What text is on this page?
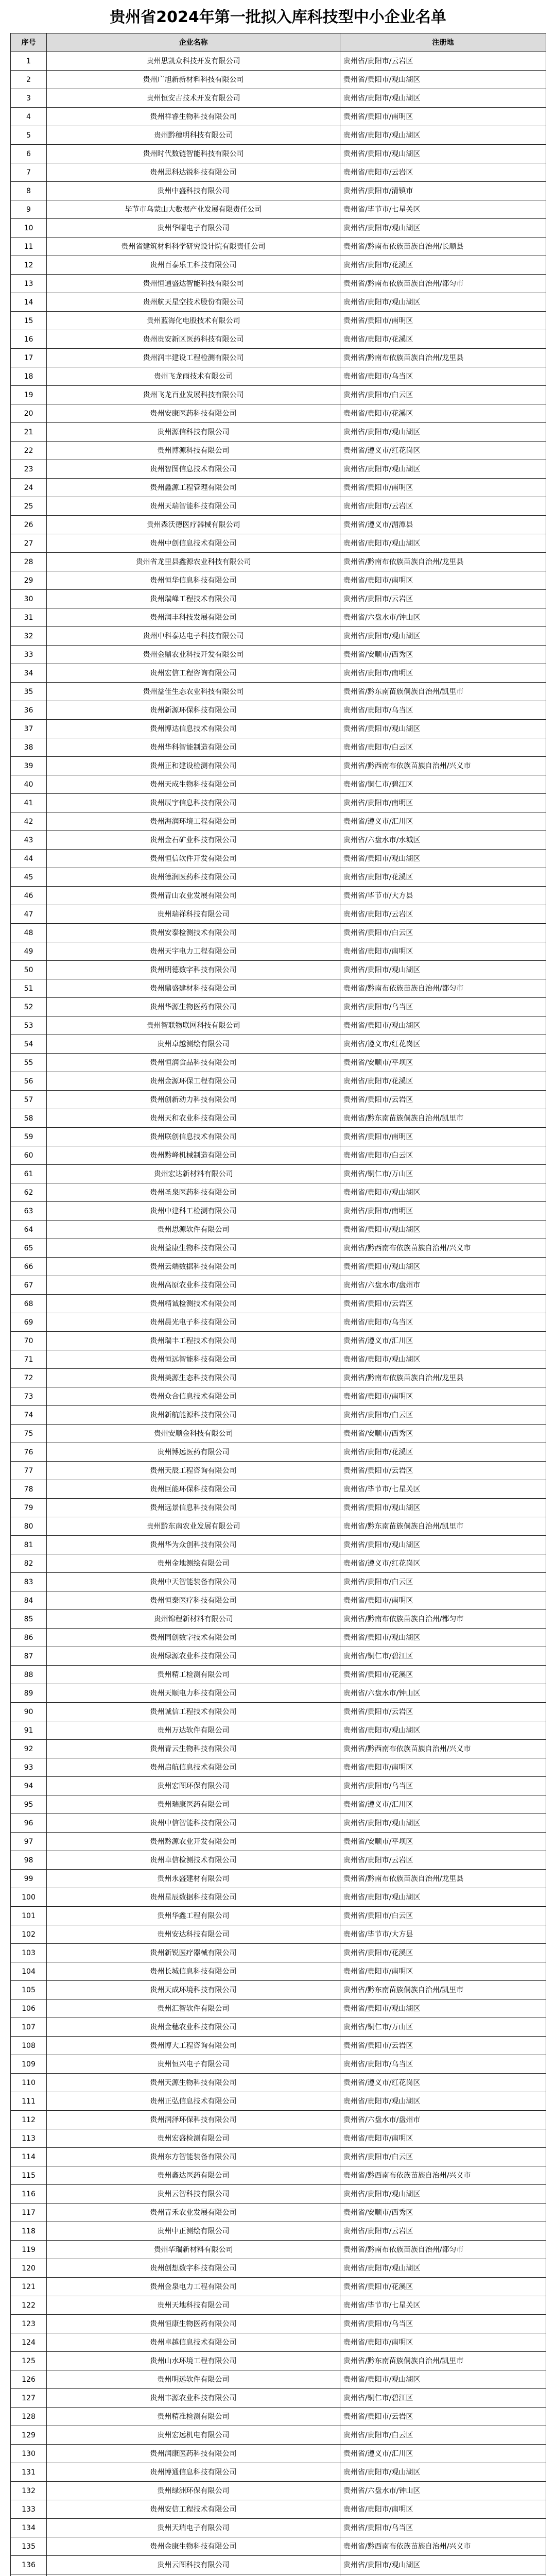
贵州省2024年第一批拟入库科技型中小企业名单
序号	企业名称	注册地
1	贵州思凯众科技开发有限公司	贵州省/贵阳市/云岩区
2	贵州广旭新新材料科技有限公司	贵州省/贵阳市/观山湖区
3	贵州恒安古技术开发有限公司	贵州省/贵阳市/观山湖区
4	贵州祥睿生物科技有限公司	贵州省/贵阳市/南明区
5	贵州黔穗明科技有限公司	贵州省/贵阳市/观山湖区
6	贵州时代数链智能科技有限公司	贵州省/贵阳市/观山湖区
7	贵州思科达锐科技有限公司	贵州省/贵阳市/云岩区
8	贵州中盛科技有限公司	贵州省/贵阳市/清镇市
9	毕节市乌蒙山大数据产业发展有限责任公司	贵州省/毕节市/七星关区
10	贵州华曜电子有限公司	贵州省/贵阳市/观山湖区
11	贵州省建筑材料科学研究设计院有限责任公司	贵州省/黔南布依族苗族自治州/长顺县
12	贵州百泰乐工科技有限公司	贵州省/贵阳市/花溪区
13	贵州恒通盛达智能科技有限公司	贵州省/黔南布依族苗族自治州/都匀市
14	贵州航天星空技术股份有限公司	贵州省/贵阳市/观山湖区
15	贵州蓝海化电股技术有限公司	贵州省/贵阳市/南明区
16	贵州贵安新区医药科技有限公司	贵州省/贵阳市/花溪区
17	贵州润丰建设工程检测有限公司	贵州省/黔南布依族苗族自治州/龙里县
18	贵州飞龙雨技术有限公司	贵州省/贵阳市/乌当区
19	贵州飞龙百业发展科技有限公司	贵州省/贵阳市/白云区
20	贵州安康医药科技有限公司	贵州省/贵阳市/花溪区
21	贵州源信科技有限公司	贵州省/贵阳市/观山湖区
22	贵州博源科技有限公司	贵州省/遵义市/红花岗区
23	贵州智图信息技术有限公司	贵州省/贵阳市/观山湖区
24	贵州鑫源工程管理有限公司	贵州省/贵阳市/南明区
25	贵州天瑞智能科技有限公司	贵州省/贵阳市/云岩区
26	贵州森沃德医疗器械有限公司	贵州省/遵义市/湄潭县
27	贵州中创信息技术有限公司	贵州省/贵阳市/观山湖区
28	贵州省龙里县鑫源农业科技有限公司	贵州省/黔南布依族苗族自治州/龙里县
29	贵州恒华信息科技有限公司	贵州省/贵阳市/南明区
30	贵州瑞峰工程技术有限公司	贵州省/贵阳市/云岩区
31	贵州润丰科技发展有限公司	贵州省/六盘水市/钟山区
32	贵州中科泰达电子科技有限公司	贵州省/贵阳市/观山湖区
33	贵州金鼎农业科技开发有限公司	贵州省/安顺市/西秀区
34	贵州宏信工程咨询有限公司	贵州省/贵阳市/南明区
35	贵州益佳生态农业科技有限公司	贵州省/黔东南苗族侗族自治州/凯里市
36	贵州新源环保科技有限公司	贵州省/贵阳市/乌当区
37	贵州博达信息技术有限公司	贵州省/贵阳市/观山湖区
38	贵州华科智能制造有限公司	贵州省/贵阳市/白云区
39	贵州正和建设检测有限公司	贵州省/黔西南布依族苗族自治州/兴义市
40	贵州天成生物科技有限公司	贵州省/铜仁市/碧江区
41	贵州辰宇信息科技有限公司	贵州省/贵阳市/南明区
42	贵州海润环境工程有限公司	贵州省/遵义市/汇川区
43	贵州金石矿业科技有限公司	贵州省/六盘水市/水城区
44	贵州恒信软件开发有限公司	贵州省/贵阳市/观山湖区
45	贵州德润医药科技有限公司	贵州省/贵阳市/花溪区
46	贵州青山农业发展有限公司	贵州省/毕节市/大方县
47	贵州瑞祥科技有限公司	贵州省/贵阳市/云岩区
48	贵州安泰检测技术有限公司	贵州省/贵阳市/白云区
49	贵州天宇电力工程有限公司	贵州省/贵阳市/南明区
50	贵州明德数字科技有限公司	贵州省/贵阳市/观山湖区
51	贵州鼎盛建材科技有限公司	贵州省/黔南布依族苗族自治州/都匀市
52	贵州华源生物医药有限公司	贵州省/贵阳市/乌当区
53	贵州智联物联网科技有限公司	贵州省/贵阳市/观山湖区
54	贵州卓越测绘有限公司	贵州省/遵义市/红花岗区
55	贵州恒润食品科技有限公司	贵州省/安顺市/平坝区
56	贵州金源环保工程有限公司	贵州省/贵阳市/花溪区
57	贵州创新动力科技有限公司	贵州省/贵阳市/云岩区
58	贵州天和农业科技有限公司	贵州省/黔东南苗族侗族自治州/凯里市
59	贵州联创信息技术有限公司	贵州省/贵阳市/南明区
60	贵州黔峰机械制造有限公司	贵州省/贵阳市/白云区
61	贵州宏达新材料有限公司	贵州省/铜仁市/万山区
62	贵州圣泉医药科技有限公司	贵州省/贵阳市/观山湖区
63	贵州中建科工检测有限公司	贵州省/贵阳市/南明区
64	贵州思源软件有限公司	贵州省/贵阳市/观山湖区
65	贵州益康生物科技有限公司	贵州省/黔西南布依族苗族自治州/兴义市
66	贵州云端数据科技有限公司	贵州省/贵阳市/观山湖区
67	贵州高原农业科技有限公司	贵州省/六盘水市/盘州市
68	贵州精诚检测技术有限公司	贵州省/贵阳市/云岩区
69	贵州晨光电子科技有限公司	贵州省/贵阳市/乌当区
70	贵州瑞丰工程技术有限公司	贵州省/遵义市/汇川区
71	贵州恒远智能科技有限公司	贵州省/贵阳市/观山湖区
72	贵州美源生态科技有限公司	贵州省/黔南布依族苗族自治州/龙里县
73	贵州众合信息技术有限公司	贵州省/贵阳市/南明区
74	贵州新航能源科技有限公司	贵州省/贵阳市/白云区
75	贵州安顺金科技有限公司	贵州省/安顺市/西秀区
76	贵州博远医药有限公司	贵州省/贵阳市/花溪区
77	贵州天辰工程咨询有限公司	贵州省/贵阳市/云岩区
78	贵州巨能环保科技有限公司	贵州省/毕节市/七星关区
79	贵州远景信息科技有限公司	贵州省/贵阳市/观山湖区
80	贵州黔东南农业发展有限公司	贵州省/黔东南苗族侗族自治州/凯里市
81	贵州华为众创科技有限公司	贵州省/贵阳市/观山湖区
82	贵州金地测绘有限公司	贵州省/遵义市/红花岗区
83	贵州中天智能装备有限公司	贵州省/贵阳市/白云区
84	贵州恒泰医疗科技有限公司	贵州省/贵阳市/南明区
85	贵州锦程新材料有限公司	贵州省/黔南布依族苗族自治州/都匀市
86	贵州同创数字技术有限公司	贵州省/贵阳市/观山湖区
87	贵州绿源农业科技有限公司	贵州省/铜仁市/碧江区
88	贵州精工检测有限公司	贵州省/贵阳市/花溪区
89	贵州天顺电力科技有限公司	贵州省/六盘水市/钟山区
90	贵州诚信工程技术有限公司	贵州省/贵阳市/云岩区
91	贵州万达软件有限公司	贵州省/贵阳市/观山湖区
92	贵州青云生物科技有限公司	贵州省/黔西南布依族苗族自治州/兴义市
93	贵州启航信息技术有限公司	贵州省/贵阳市/南明区
94	贵州宏图环保有限公司	贵州省/贵阳市/乌当区
95	贵州瑞康医药有限公司	贵州省/遵义市/汇川区
96	贵州中信智能科技有限公司	贵州省/贵阳市/观山湖区
97	贵州黔源农业开发有限公司	贵州省/安顺市/平坝区
98	贵州卓信检测技术有限公司	贵州省/贵阳市/云岩区
99	贵州永盛建材有限公司	贵州省/黔南布依族苗族自治州/龙里县
100	贵州星辰数据科技有限公司	贵州省/贵阳市/观山湖区
101	贵州华鑫工程有限公司	贵州省/贵阳市/白云区
102	贵州安达科技有限公司	贵州省/毕节市/大方县
103	贵州新锐医疗器械有限公司	贵州省/贵阳市/花溪区
104	贵州长城信息科技有限公司	贵州省/贵阳市/南明区
105	贵州天成环境科技有限公司	贵州省/黔东南苗族侗族自治州/凯里市
106	贵州汇智软件有限公司	贵州省/贵阳市/观山湖区
107	贵州金穗农业科技有限公司	贵州省/铜仁市/万山区
108	贵州博大工程咨询有限公司	贵州省/贵阳市/云岩区
109	贵州恒兴电子有限公司	贵州省/贵阳市/乌当区
110	贵州天源生物科技有限公司	贵州省/遵义市/红花岗区
111	贵州正弘信息技术有限公司	贵州省/贵阳市/观山湖区
112	贵州润泽环保科技有限公司	贵州省/六盘水市/盘州市
113	贵州宏盛检测有限公司	贵州省/贵阳市/南明区
114	贵州东方智能装备有限公司	贵州省/贵阳市/白云区
115	贵州鑫达医药有限公司	贵州省/黔西南布依族苗族自治州/兴义市
116	贵州云智科技有限公司	贵州省/贵阳市/观山湖区
117	贵州青禾农业发展有限公司	贵州省/安顺市/西秀区
118	贵州中正测绘有限公司	贵州省/贵阳市/云岩区
119	贵州华瑞新材料有限公司	贵州省/黔南布依族苗族自治州/都匀市
120	贵州创想数字科技有限公司	贵州省/贵阳市/观山湖区
121	贵州金泉电力工程有限公司	贵州省/贵阳市/花溪区
122	贵州天地科技有限公司	贵州省/毕节市/七星关区
123	贵州恒康生物医药有限公司	贵州省/贵阳市/乌当区
124	贵州卓越信息技术有限公司	贵州省/贵阳市/南明区
125	贵州山水环境工程有限公司	贵州省/黔东南苗族侗族自治州/凯里市
126	贵州明远软件有限公司	贵州省/贵阳市/观山湖区
127	贵州丰源农业科技有限公司	贵州省/铜仁市/碧江区
128	贵州精准检测有限公司	贵州省/贵阳市/云岩区
129	贵州宏远机电有限公司	贵州省/贵阳市/白云区
130	贵州润康医药科技有限公司	贵州省/遵义市/汇川区
131	贵州博通信息科技有限公司	贵州省/贵阳市/观山湖区
132	贵州绿洲环保有限公司	贵州省/六盘水市/钟山区
133	贵州安信工程技术有限公司	贵州省/贵阳市/南明区
134	贵州天瑞电子有限公司	贵州省/贵阳市/乌当区
135	贵州金康生物科技有限公司	贵州省/黔西南布依族苗族自治州/兴义市
136	贵州云图科技有限公司	贵州省/贵阳市/观山湖区
